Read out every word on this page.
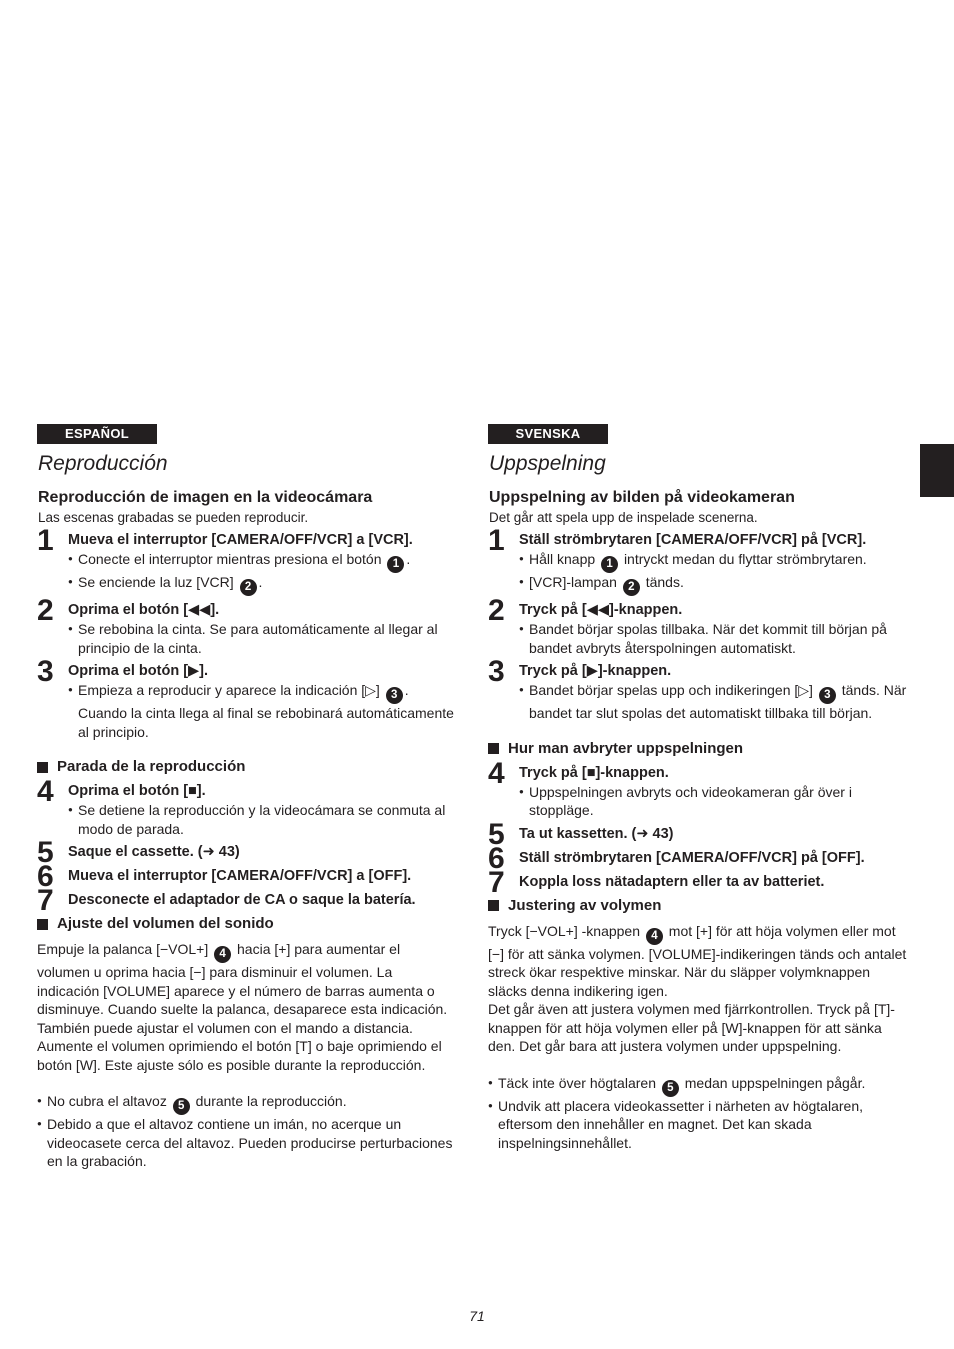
ESPAÑOL
Reproducción
Reproducción de imagen en la videocámara
Las escenas grabadas se pueden reproducir.
1 Mueva el interruptor [CAMERA/OFF/VCR] a [VCR].
● Conecte el interruptor mientras presiona el botón 1 .
● Se enciende la luz [VCR] 2 .
2 Oprima el botón [◀◀].
● Se rebobina la cinta. Se para automáticamente al llegar al principio de la cinta.
3 Oprima el botón [▶].
● Empieza a reproducir y aparece la indicación [▷] 3 . Cuando la cinta llega al final se rebobinará automáticamente al principio.
Parada de la reproducción
4 Oprima el botón [■].
● Se detiene la reproducción y la videocámara se conmuta al modo de parada.
5 Saque el cassette. (➜ 43)
6 Mueva el interruptor [CAMERA/OFF/VCR] a [OFF].
7 Desconecte el adaptador de CA o saque la batería.
Ajuste del volumen del sonido

Empuje la palanca [−VOL+] 4 hacia [+] para aumentar el volumen u oprima hacia [−] para disminuir el volumen. La indicación [VOLUME] aparece y el número de barras aumenta o disminuye. Cuando suelte la palanca, desaparece esta indicación.

También puede ajustar el volumen con el mando a distancia. Aumente el volumen oprimiendo el botón [T] o baje oprimiendo el botón [W]. Este ajuste sólo es posible durante la reproducción.

● No cubra el altavoz 5 durante la reproducción.
● Debido a que el altavoz contiene un imán, no acerque un videocasete cerca del altavoz. Pueden producirse perturbaciones en la grabación.
SVENSKA
Uppspelning
Uppspelning av bilden på videokameran
Det går att spela upp de inspelade scenerna.
1 Ställ strömbrytaren [CAMERA/OFF/VCR] på [VCR].
● Håll knapp 1 intryckt medan du flyttar strömbrytaren.
● [VCR]-lampan 2 tänds.
2 Tryck på [◀◀]-knappen.
● Bandet börjar spolas tillbaka. När det kommit till början på bandet avbryts återspolningen automatiskt.
3 Tryck på [▶]-knappen.
● Bandet börjar spelas upp och indikeringen [▷] 3 tänds. När bandet tar slut spolas det automatiskt tillbaka till början.
Hur man avbryter uppspelningen
4 Tryck på [■]-knappen.
● Uppspelningen avbryts och videokameran går över i stoppläge.
5 Ta ut kassetten. (➜ 43)
6 Ställ strömbrytaren [CAMERA/OFF/VCR] på [OFF].
7 Koppla loss nätadaptern eller ta av batteriet.
Justering av volymen

Tryck [−VOL+] -knappen 4 mot [+] för att höja volymen eller mot [−] för att sänka volymen. [VOLUME]-indikeringen tänds och antalet streck ökar respektive minskar. När du släpper volymknappen släcks denna indikering igen.

Det går även att justera volymen med fjärrkontrollen. Tryck på [T]-knappen för att höja volymen eller på [W]-knappen för att sänka den. Det går bara att justera volymen under uppspelning.

● Täck inte över högtalaren 5 medan uppspelningen pågår.
● Undvik att placera videokassetter i närheten av högtalaren, eftersom den innehåller en magnet. Det kan skada inspelningsinnehållet.
71
